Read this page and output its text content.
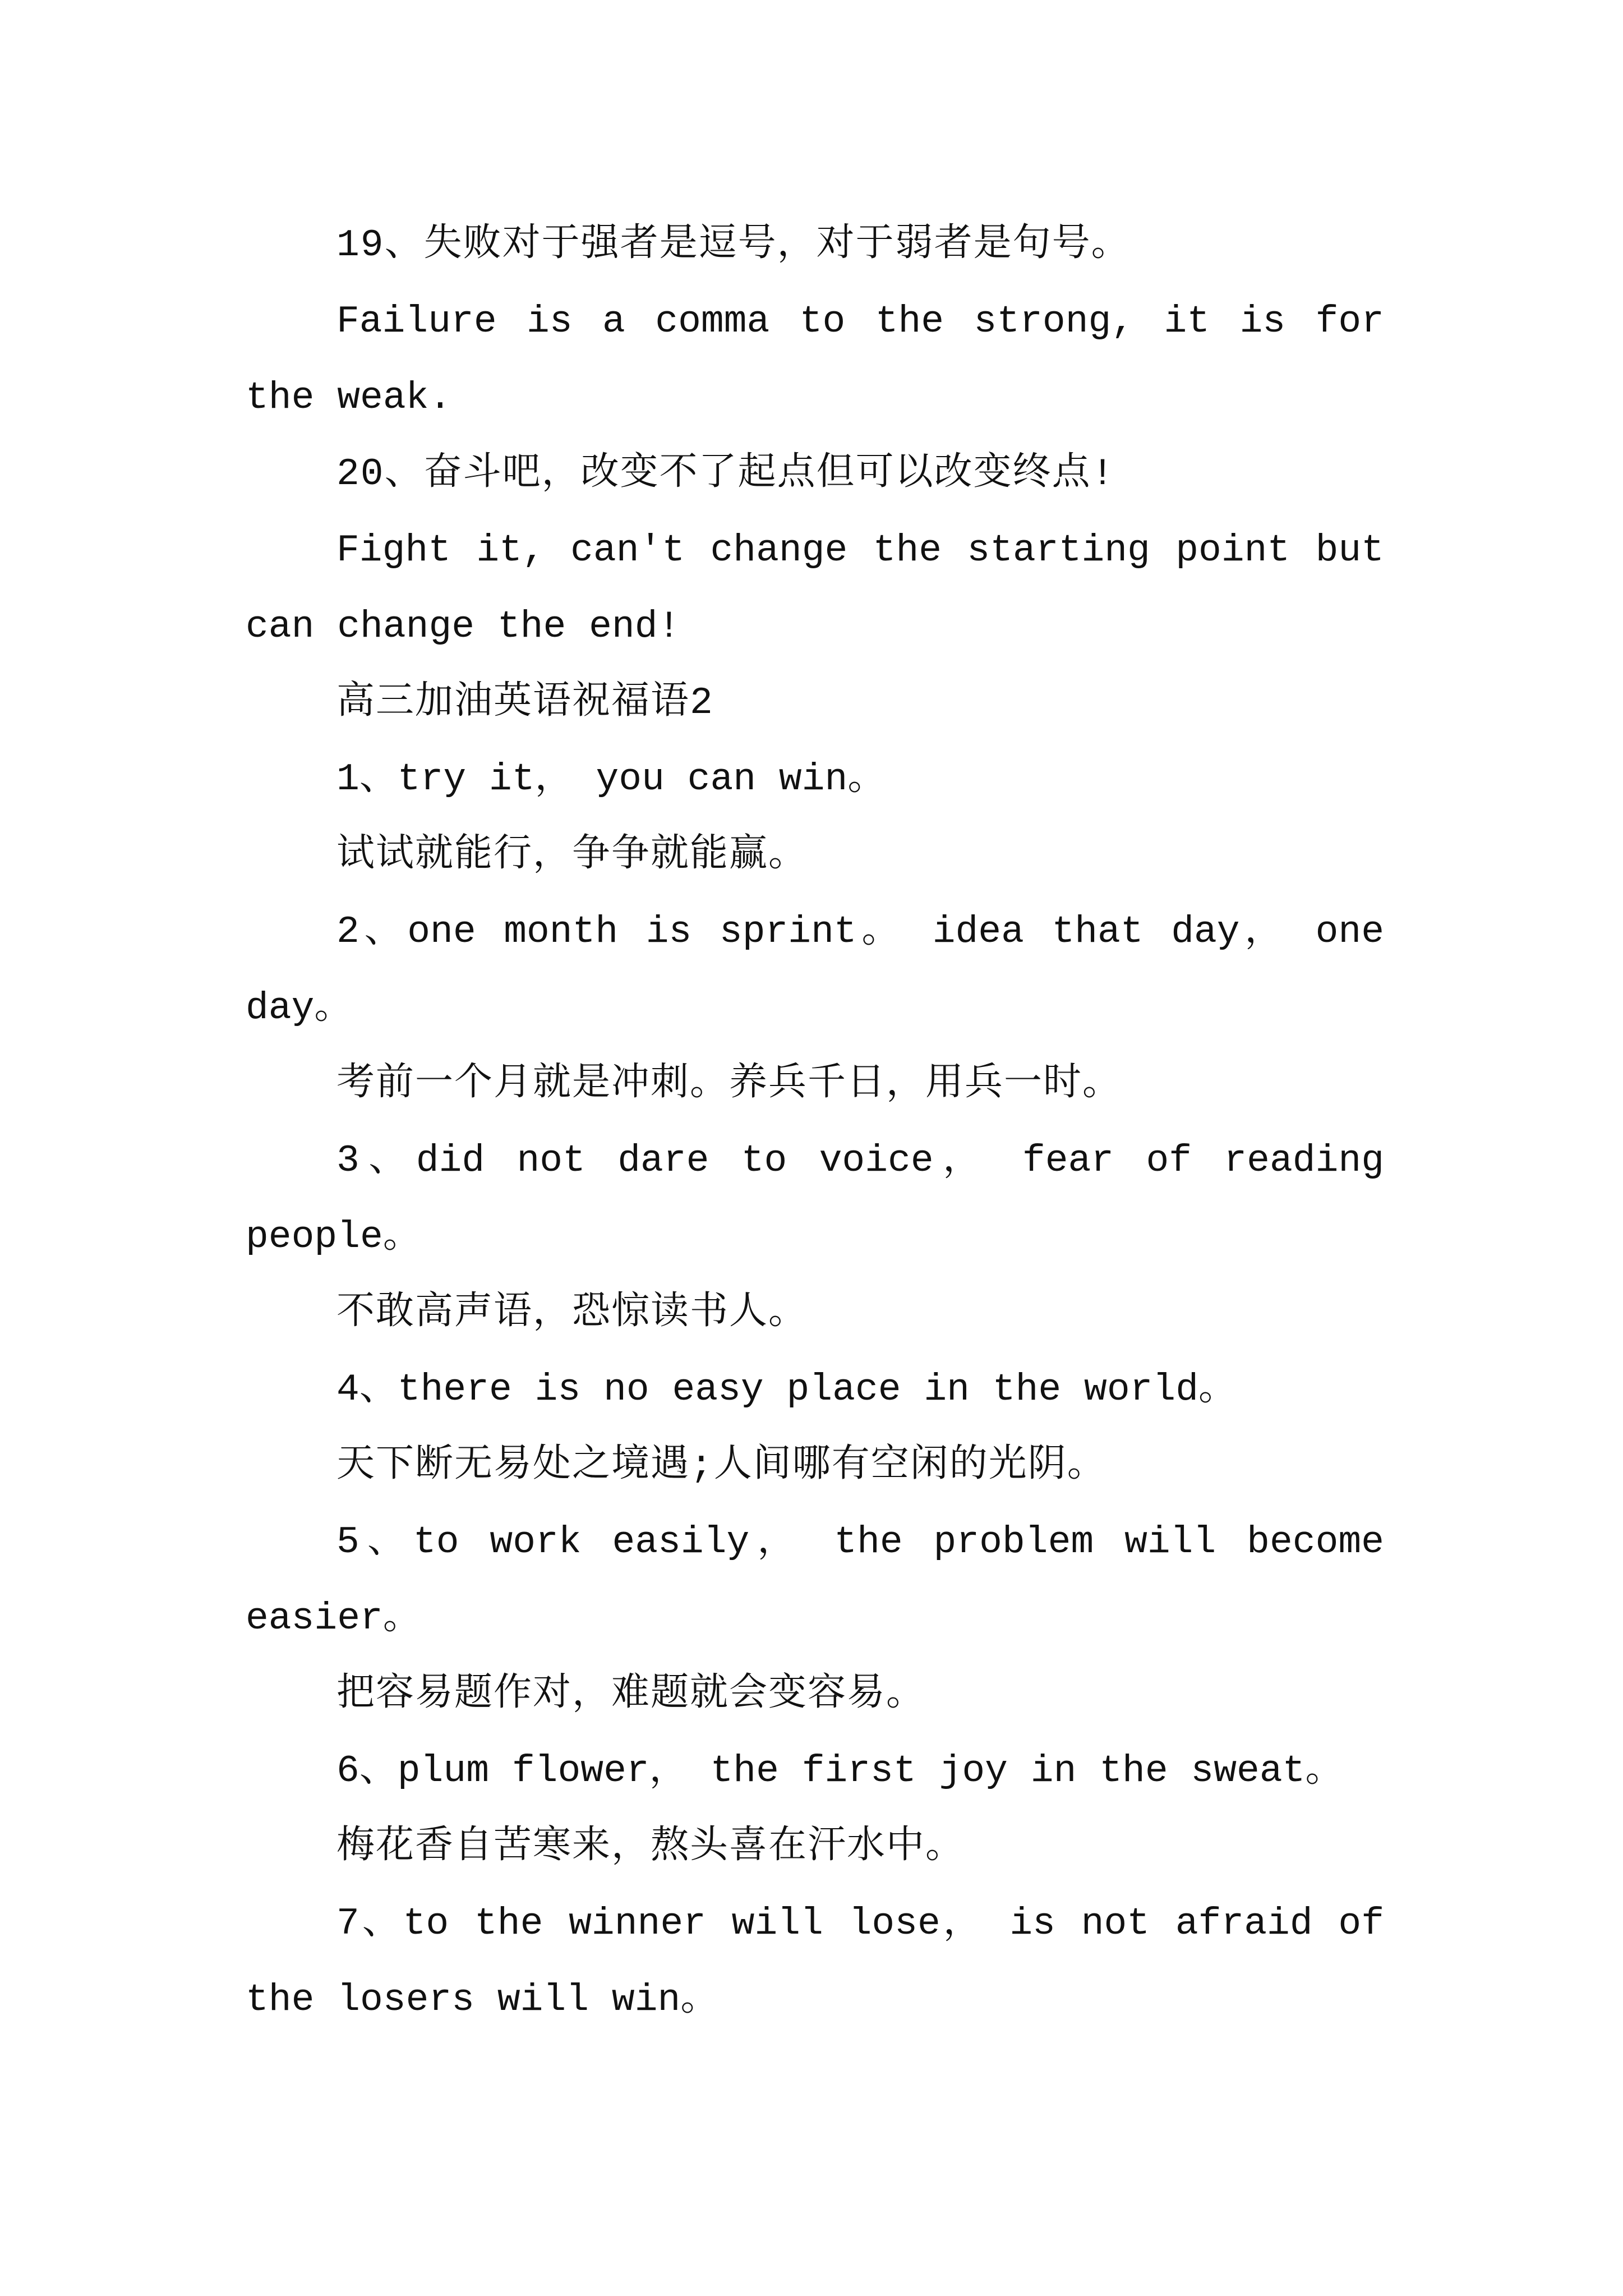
19、失败对于强者是逗号，对于弱者是句号。

Failure is a comma to the strong, it is for the weak.

20、奋斗吧，改变不了起点但可以改变终点!

Fight it, can't change the starting point but can change the end!

高三加油英语祝福语2

1、try it， you can win。

试试就能行，争争就能赢。

2、one month is sprint。 idea that day， one day。

考前一个月就是冲刺。养兵千日，用兵一时。

3、did not dare to voice， fear of reading people。

不敢高声语，恐惊读书人。

4、there is no easy place in the world。

天下断无易处之境遇;人间哪有空闲的光阴。

5、to work easily， the problem will become easier。

把容易题作对，难题就会变容易。

6、plum flower， the first joy in the sweat。

梅花香自苦寒来，熬头喜在汗水中。

7、to the winner will lose， is not afraid of the losers will win。
